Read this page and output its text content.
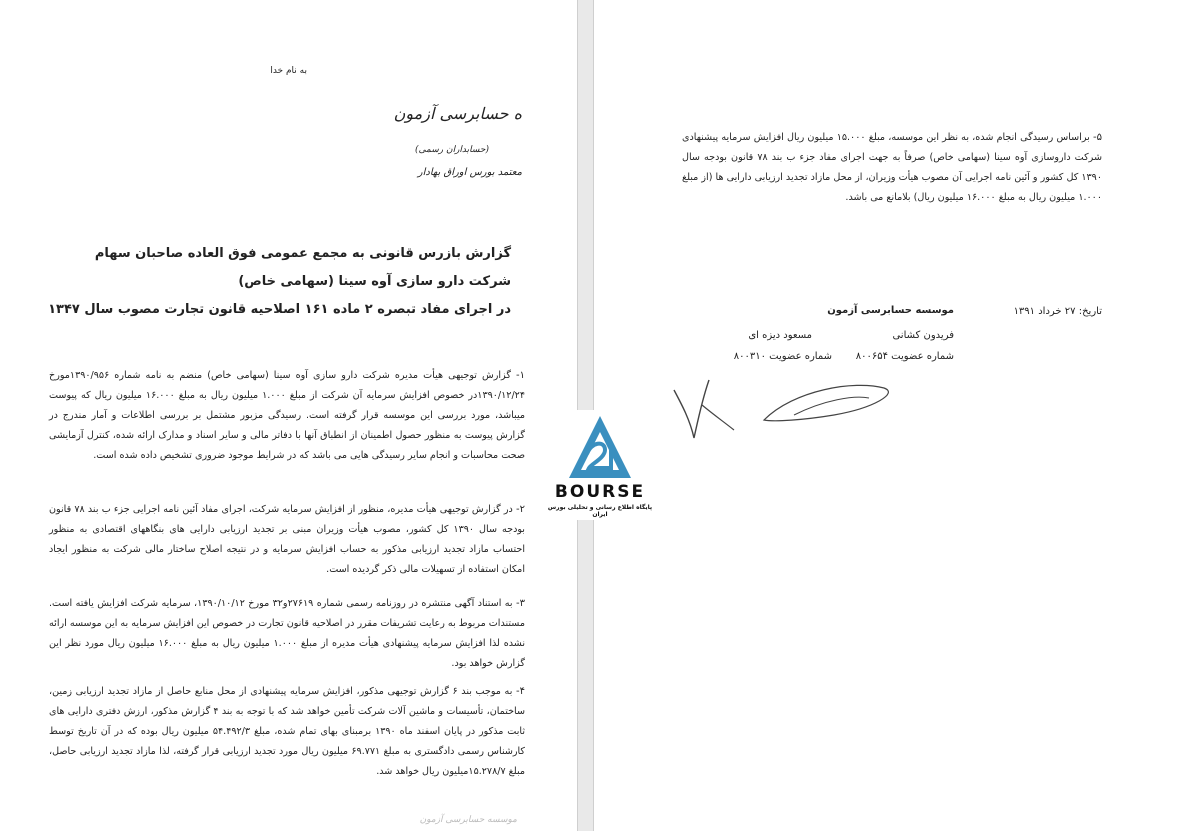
به نام خدا
ه حسابرسی آزمون
(حسابداران رسمی)
معتمد بورس اوراق بهادار
گزارش بازرس قانونی به مجمع عمومی فوق العاده صاحبان سهام
شرکت دارو سازی آوه سینا (سهامی خاص)
در اجرای مفاد تبصره ۲ ماده ۱۶۱ اصلاحیه قانون تجارت مصوب سال ۱۳۴۷
۱- گزارش توجیهی هیأت مدیره شرکت دارو سازی آوه سینا (سهامی خاص) منضم به نامه شماره ۱۳۹۰/۹۵۶مورخ ۱۳۹۰/۱۲/۲۴در خصوص افزایش سرمایه آن شرکت از مبلغ ۱.۰۰۰ میلیون ریال به مبلغ ۱۶.۰۰۰ میلیون ریال که پیوست میباشد، مورد بررسی این موسسه قرار گرفته است. رسیدگی مزبور مشتمل بر بررسی اطلاعات و آمار مندرج در گزارش پیوست به منظور حصول اطمینان از انطباق آنها با دفاتر مالی و سایر اسناد و مدارک ارائه شده، کنترل آزمایشی صحت محاسبات و انجام سایر رسیدگی هایی می باشد که در شرایط موجود ضروری تشخیص داده شده است.
۲- در گزارش توجیهی هیأت مدیره، منظور از افزایش سرمایه شرکت، اجرای مفاد آئین نامه اجرایی جزء ب بند ۷۸ قانون بودجه سال ۱۳۹۰ کل کشور، مصوب هیأت وزیران مبنی بر تجدید ارزیابی دارایی های بنگاههای اقتصادی به منظور احتساب مازاد تجدید ارزیابی مذکور به حساب افزایش سرمایه و در نتیجه اصلاح ساختار مالی شرکت به منظور ایجاد امکان استفاده از تسهیلات مالی ذکر گردیده است.
۳- به استناد آگهی منتشره در روزنامه رسمی شماره ۲۷۶۱۹و۳۲ مورخ ۱۳۹۰/۱۰/۱۲، سرمایه شرکت افزایش یافته است. مستندات مربوط به رعایت تشریفات مقرر در اصلاحیه قانون تجارت در خصوص این افزایش سرمایه به این موسسه ارائه نشده لذا افزایش سرمایه پیشنهادی هیأت مدیره از مبلغ ۱.۰۰۰ میلیون ریال به مبلغ ۱۶.۰۰۰ میلیون ریال مورد نظر این گزارش خواهد بود.
۴- به موجب بند ۶ گزارش توجیهی مذکور، افزایش سرمایه پیشنهادی از محل منابع حاصل از مازاد تجدید ارزیابی زمین، ساختمان، تأسیسات و ماشین آلات شرکت تأمین خواهد شد که با توجه به بند ۴ گزارش مذکور، ارزش دفتری دارایی های ثابت مذکور در پایان اسفند ماه ۱۳۹۰ برمبنای بهای تمام شده، مبلغ ۵۴.۴۹۲/۳ میلیون ریال بوده که در آن تاریخ توسط کارشناس رسمی دادگستری به مبلغ ۶۹.۷۷۱ میلیون ریال مورد تجدید ارزیابی قرار گرفته، لذا مازاد تجدید ارزیابی حاصل، مبلغ ۱۵.۲۷۸/۷میلیون ریال خواهد شد.
موسسه حسابرسی آزمون
۵- براساس رسیدگی انجام شده، به نظر این موسسه، مبلغ ۱۵.۰۰۰ میلیون ریال افزایش سرمایه پیشنهادی شرکت داروسازی آوه سینا (سهامی خاص) صرفاً به جهت اجرای مفاد جزء ب بند ۷۸ قانون بودجه سال ۱۳۹۰ کل کشور و آئین نامه اجرایی آن مصوب هیأت وزیران، از محل مازاد تجدید ارزیابی دارایی ها (از مبلغ ۱.۰۰۰ میلیون ریال به مبلغ ۱۶.۰۰۰ میلیون ریال) بلامانع می باشد.
تاریخ: ۲۷ خرداد ۱۳۹۱
موسسه حسابرسی آزمون
فریدون کشانی
شماره عضویت ۸۰۰۶۵۴
مسعود دیزه ای
شماره عضویت ۸۰۰۳۱۰
BOURSE
پایگاه اطلاع رسانی و تحلیلی بورس ایران
